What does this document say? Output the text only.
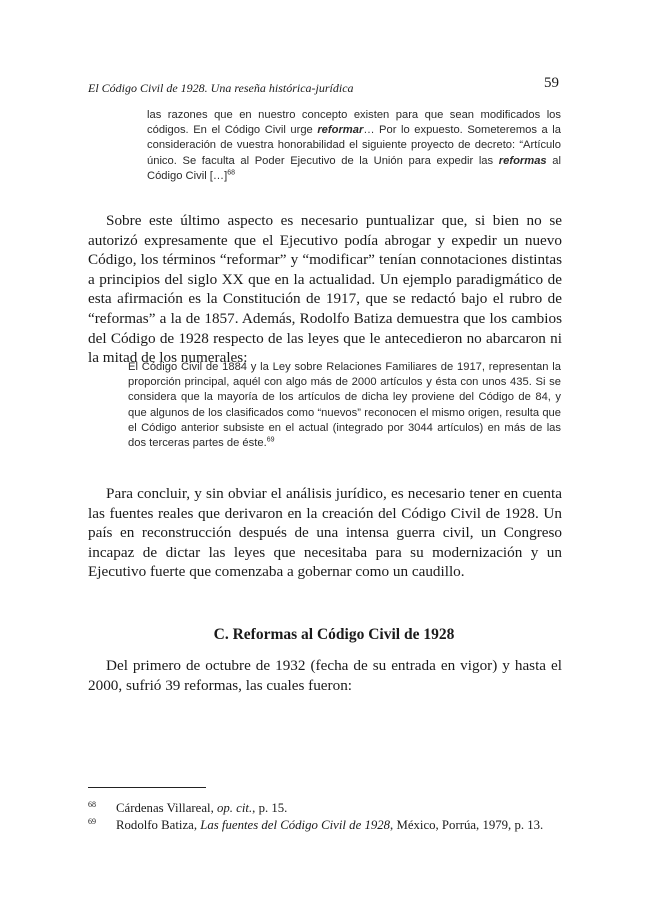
El Código Civil de 1928. Una reseña histórica-jurídica	59
las razones que en nuestro concepto existen para que sean modificados los códigos. En el Código Civil urge reformar… Por lo expuesto. Someteremos a la consideración de vuestra honorabilidad el siguiente proyecto de decreto: “Artículo único. Se faculta al Poder Ejecutivo de la Unión para expedir las reformas al Código Civil […]$^{68}$
Sobre este último aspecto es necesario puntualizar que, si bien no se autorizó expresamente que el Ejecutivo podía abrogar y expedir un nuevo Código, los términos “reformar” y “modificar” tenían connotaciones distintas a principios del siglo XX que en la actualidad. Un ejemplo paradigmático de esta afirmación es la Constitución de 1917, que se redactó bajo el rubro de “reformas” a la de 1857. Además, Rodolfo Batiza demuestra que los cambios del Código de 1928 respecto de las leyes que le antecedieron no abarcaron ni la mitad de los numerales:
El Código Civil de 1884 y la Ley sobre Relaciones Familiares de 1917, representan la proporción principal, aquél con algo más de 2000 artículos y ésta con unos 435. Si se considera que la mayoría de los artículos de dicha ley proviene del Código de 84, y que algunos de los clasificados como “nuevos” reconocen el mismo origen, resulta que el Código anterior subsiste en el actual (integrado por 3044 artículos) en más de las dos terceras partes de éste.$^{69}$
Para concluir, y sin obviar el análisis jurídico, es necesario tener en cuenta las fuentes reales que derivaron en la creación del Código Civil de 1928. Un país en reconstrucción después de una intensa guerra civil, un Congreso incapaz de dictar las leyes que necesitaba para su modernización y un Ejecutivo fuerte que comenzaba a gobernar como un caudillo.
C. Reformas al Código Civil de 1928
Del primero de octubre de 1932 (fecha de su entrada en vigor) y hasta el 2000, sufrió 39 reformas, las cuales fueron:
68 Cárdenas Villareal, op. cit., p. 15.
69 Rodolfo Batiza, Las fuentes del Código Civil de 1928, México, Porrúa, 1979, p. 13.
